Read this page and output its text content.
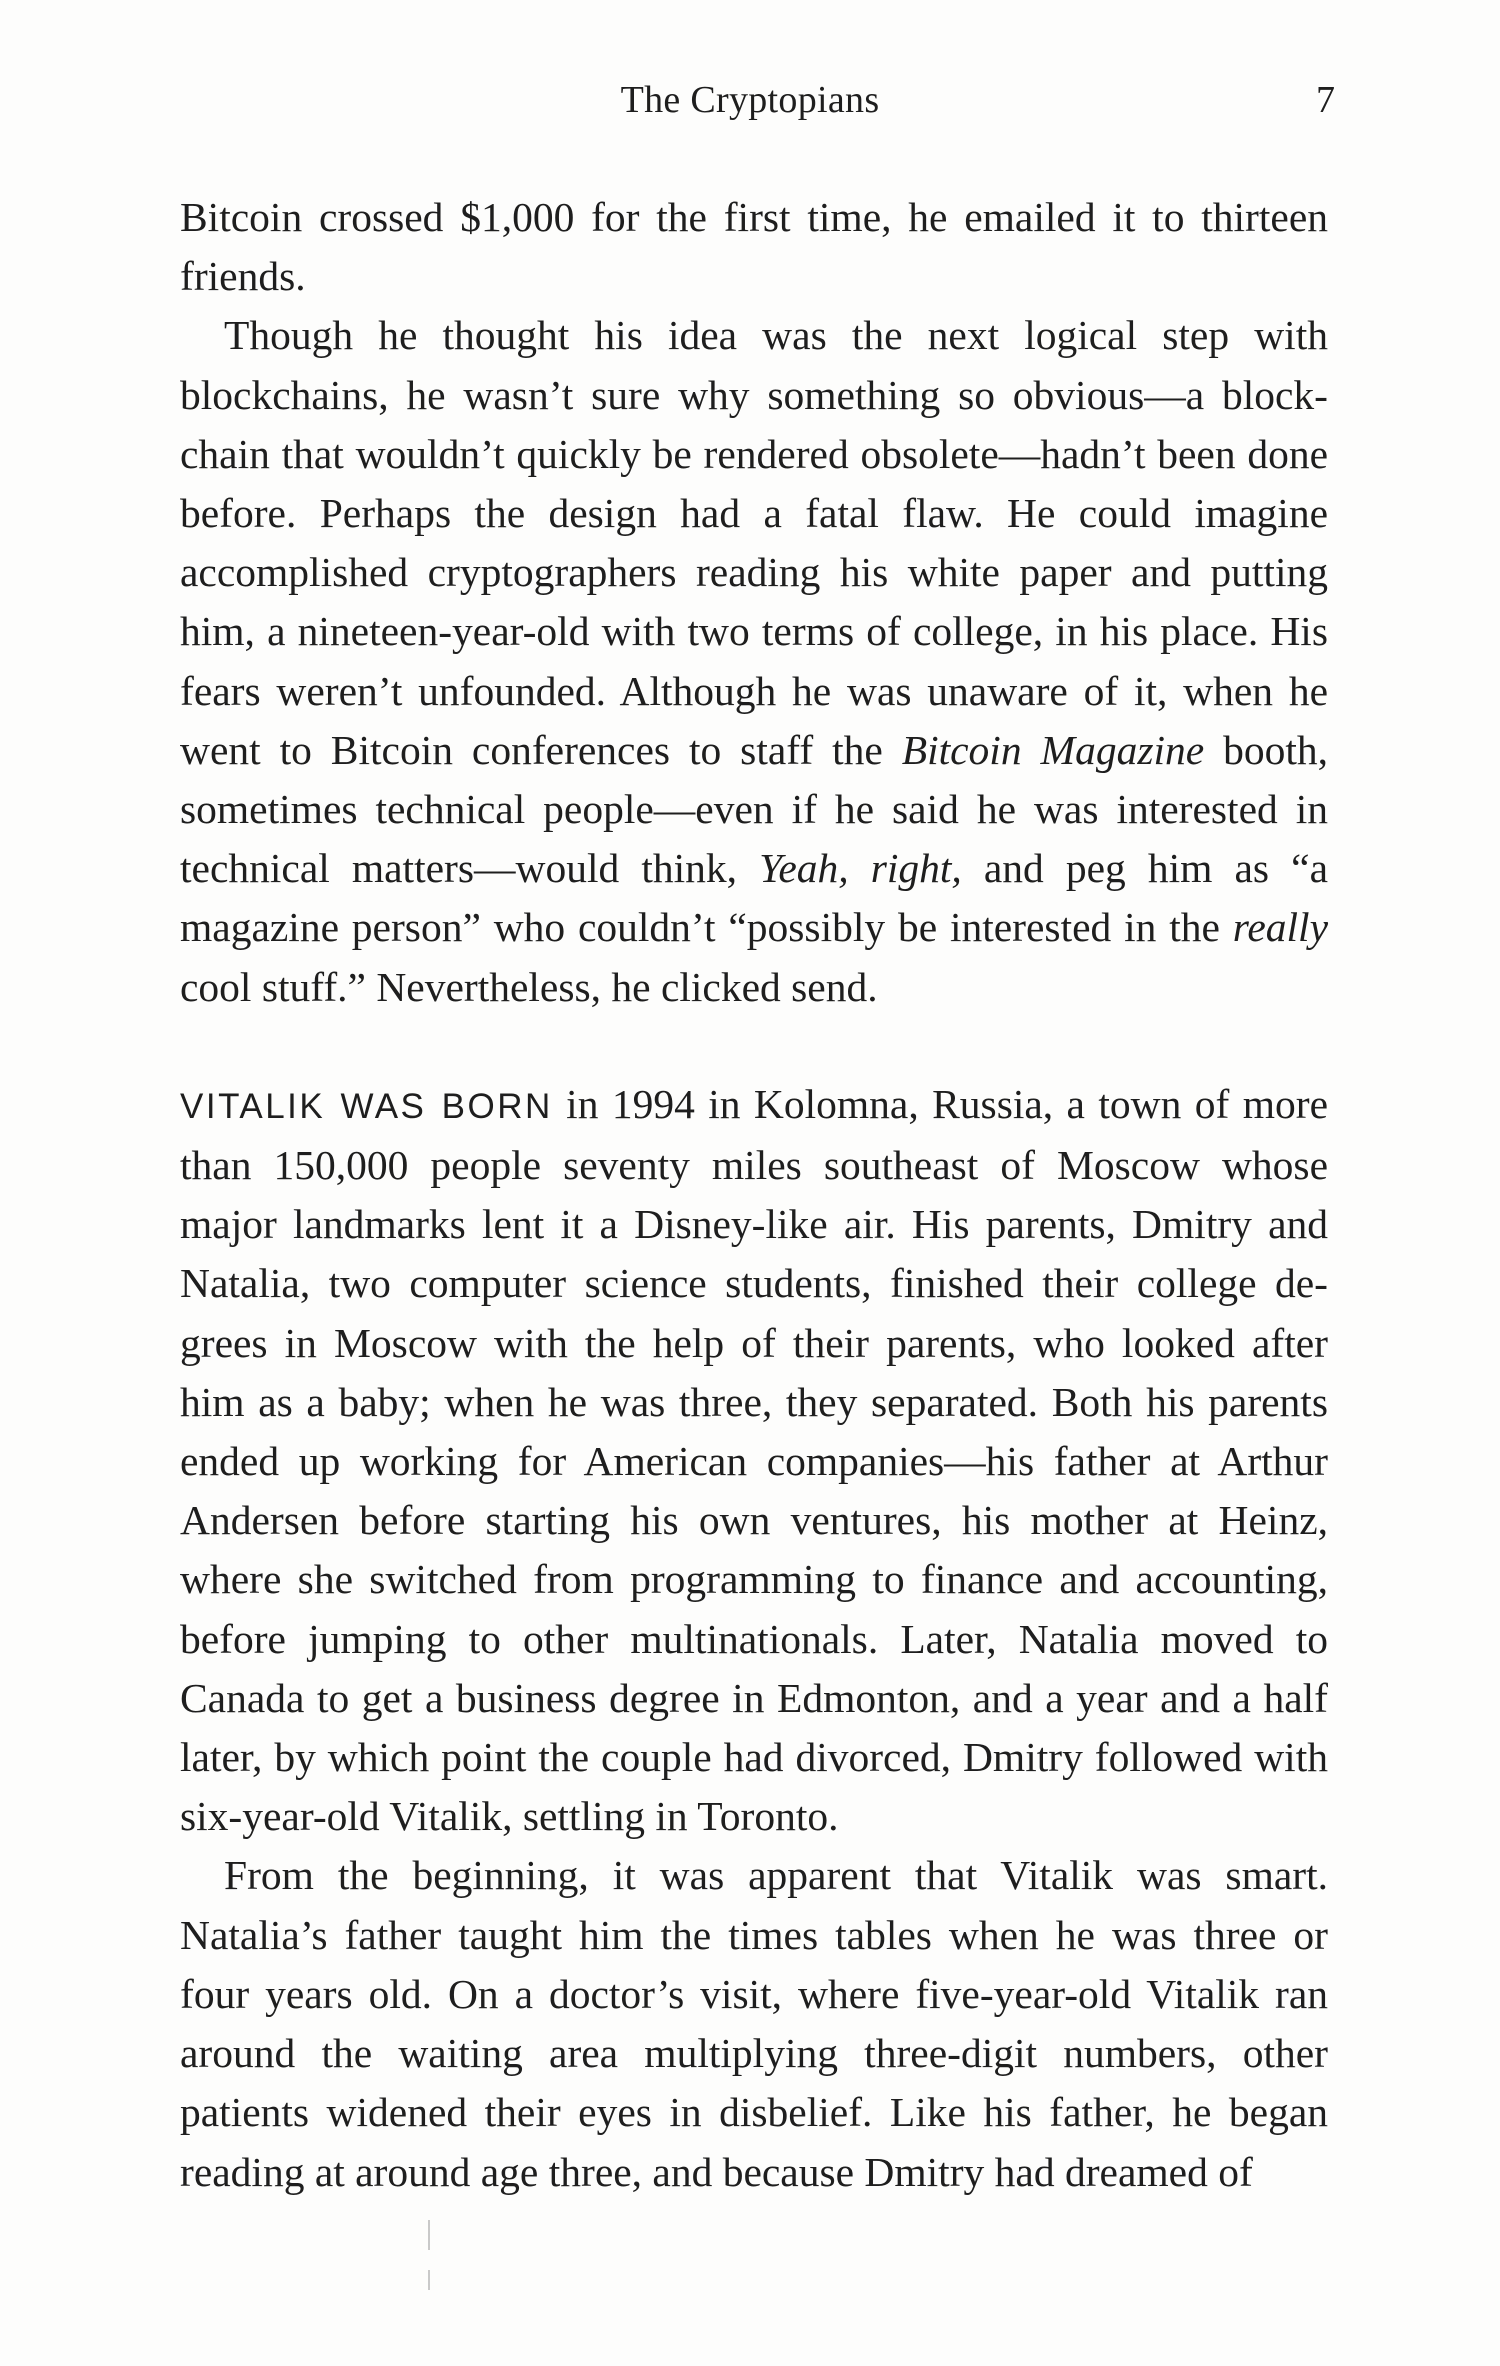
The Cryptopians	7

Bitcoin crossed $1,000 for the first time, he emailed it to thirteen friends.

Though he thought his idea was the next logical step with blockchains, he wasn’t sure why something so obvious—a blockchain that wouldn’t quickly be rendered obsolete—hadn’t been done before. Perhaps the design had a fatal flaw. He could imagine accomplished cryptographers reading his white paper and putting him, a nineteen-year-old with two terms of college, in his place. His fears weren’t unfounded. Although he was unaware of it, when he went to Bitcoin conferences to staff the Bitcoin Magazine booth, sometimes technical people—even if he said he was interested in technical matters—would think, Yeah, right, and peg him as “a magazine person” who couldn’t “possibly be interested in the really cool stuff.” Nevertheless, he clicked send.

VITALIK WAS BORN in 1994 in Kolomna, Russia, a town of more than 150,000 people seventy miles southeast of Moscow whose major landmarks lent it a Disney-like air. His parents, Dmitry and Natalia, two computer science students, finished their college degrees in Moscow with the help of their parents, who looked after him as a baby; when he was three, they separated. Both his parents ended up working for American companies—his father at Arthur Andersen before starting his own ventures, his mother at Heinz, where she switched from programming to finance and accounting, before jumping to other multinationals. Later, Natalia moved to Canada to get a business degree in Edmonton, and a year and a half later, by which point the couple had divorced, Dmitry followed with six-year-old Vitalik, settling in Toronto.

From the beginning, it was apparent that Vitalik was smart. Natalia’s father taught him the times tables when he was three or four years old. On a doctor’s visit, where five-year-old Vitalik ran around the waiting area multiplying three-digit numbers, other patients widened their eyes in disbelief. Like his father, he began reading at around age three, and because Dmitry had dreamed of
